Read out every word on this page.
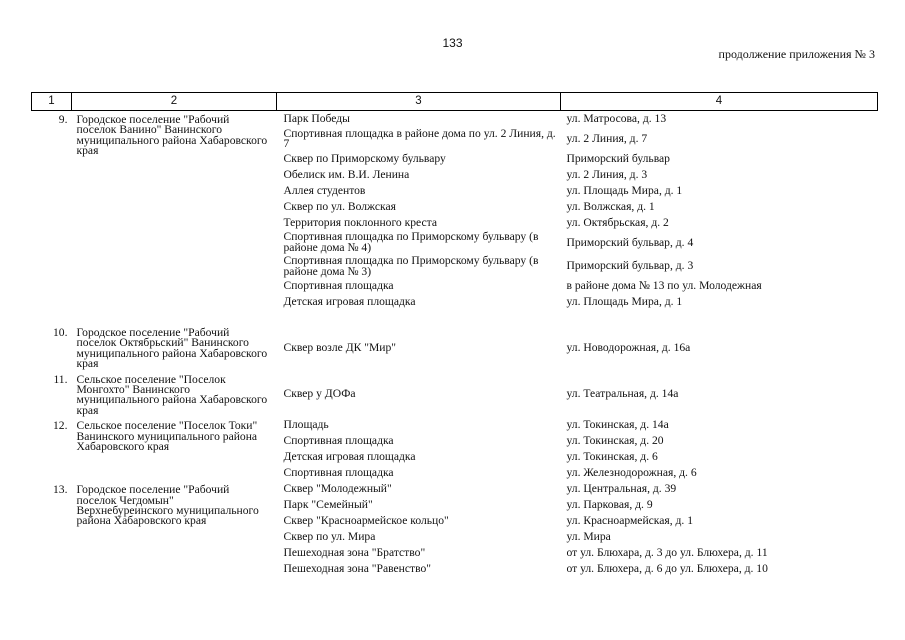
133
продолжение приложения № 3
1	2	3	4
9.	Городское поселение "Рабочий поселок Ванино" Ванинского муниципального района Хабаровского края	Парк Победы	ул. Матросова, д. 13
		Спортивная площадка в районе дома по ул. 2 Линия, д. 7	ул. 2 Линия, д. 7
		Сквер по Приморскому бульвару	Приморский бульвар
		Обелиск им. В.И. Ленина	ул. 2 Линия, д. 3
		Аллея студентов	ул. Площадь Мира, д. 1
		Сквер по ул. Волжская	ул. Волжская, д. 1
		Территория поклонного креста	ул. Октябрьская, д. 2
		Спортивная площадка по Приморскому бульвару (в районе дома № 4)	Приморский бульвар, д. 4
		Спортивная площадка по Приморскому бульвару (в районе дома № 3)	Приморский бульвар, д. 3
		Спортивная площадка	в районе дома № 13 по ул. Молодежная
		Детская игровая площадка	ул. Площадь Мира, д. 1

10.	Городское поселение "Рабочий поселок Октябрьский" Ванинского муниципального района Хабаровского края	Сквер возле ДК "Мир"	ул. Новодорожная, д. 16а
11.	Сельское поселение "Поселок Монгохто" Ванинского муниципального района Хабаровского края	Сквер у ДОФа	ул. Театральная, д. 14а
12.	Сельское поселение "Поселок Токи" Ванинского муниципального района Хабаровского края	Площадь	ул. Токинская, д. 14а
		Спортивная площадка	ул. Токинская, д. 20
		Детская игровая площадка	ул. Токинская, д. 6
		Спортивная площадка	ул. Железнодорожная, д. 6
13.	Городское поселение "Рабочий поселок Чегдомын" Верхнебуреинского муниципального района Хабаровского края	Сквер "Молодежный"	ул. Центральная, д. 39
		Парк "Семейный"	ул. Парковая, д. 9
		Сквер "Красноармейское кольцо"	ул. Красноармейская, д. 1
		Сквер по ул. Мира	ул. Мира
		Пешеходная зона "Братство"	от ул. Блюхара, д. 3 до ул. Блюхера, д. 11
		Пешеходная зона "Равенство"	от ул. Блюхера, д. 6 до ул. Блюхера, д. 10
